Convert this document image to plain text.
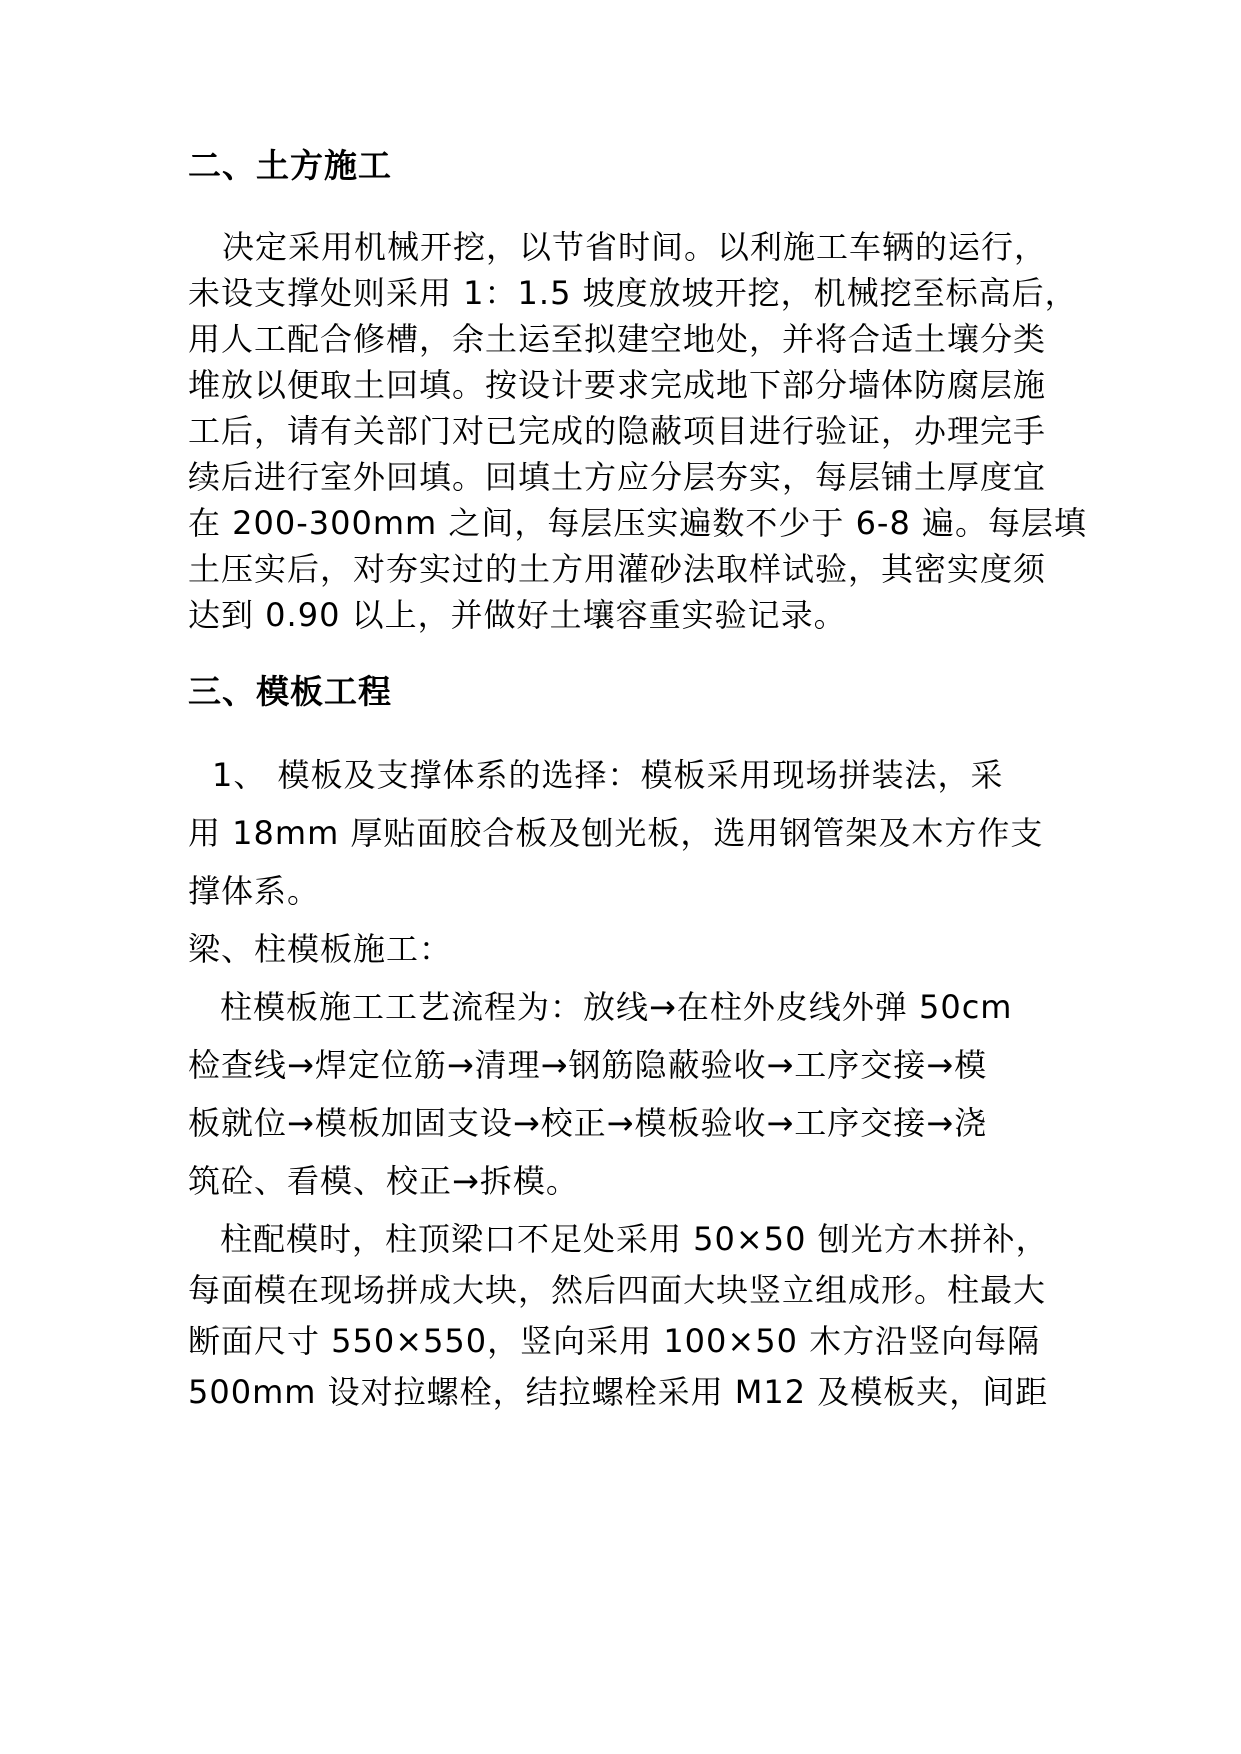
二、土方施工
决定采用机械开挖，以节省时间。以利施工车辆的运行，
未设支撑处则采用 1：1.5 坡度放坡开挖，机械挖至标高后，
用人工配合修槽，余土运至拟建空地处，并将合适土壤分类
堆放以便取土回填。按设计要求完成地下部分墙体防腐层施
工后，请有关部门对已完成的隐蔽项目进行验证，办理完手
续后进行室外回填。回填土方应分层夯实，每层铺土厚度宜
在 200-300mm 之间，每层压实遍数不少于 6-8 遍。每层填
土压实后，对夯实过的土方用灌砂法取样试验，其密实度须
达到 0.90 以上，并做好土壤容重实验记录。
三、模板工程
1、 模板及支撑体系的选择：模板采用现场拼装法，采
用 18mm 厚贴面胶合板及刨光板，选用钢管架及木方作支
撑体系。
梁、柱模板施工：
柱模板施工工艺流程为：放线→在柱外皮线外弹 50cm
检查线→焊定位筋→清理→钢筋隐蔽验收→工序交接→模
板就位→模板加固支设→校正→模板验收→工序交接→浇
筑砼、看模、校正→拆模。
柱配模时，柱顶梁口不足处采用 50×50 刨光方木拼补，
每面模在现场拼成大块，然后四面大块竖立组成形。柱最大
断面尺寸 550×550，竖向采用 100×50 木方沿竖向每隔
500mm 设对拉螺栓，结拉螺栓采用 M12 及模板夹，间距
